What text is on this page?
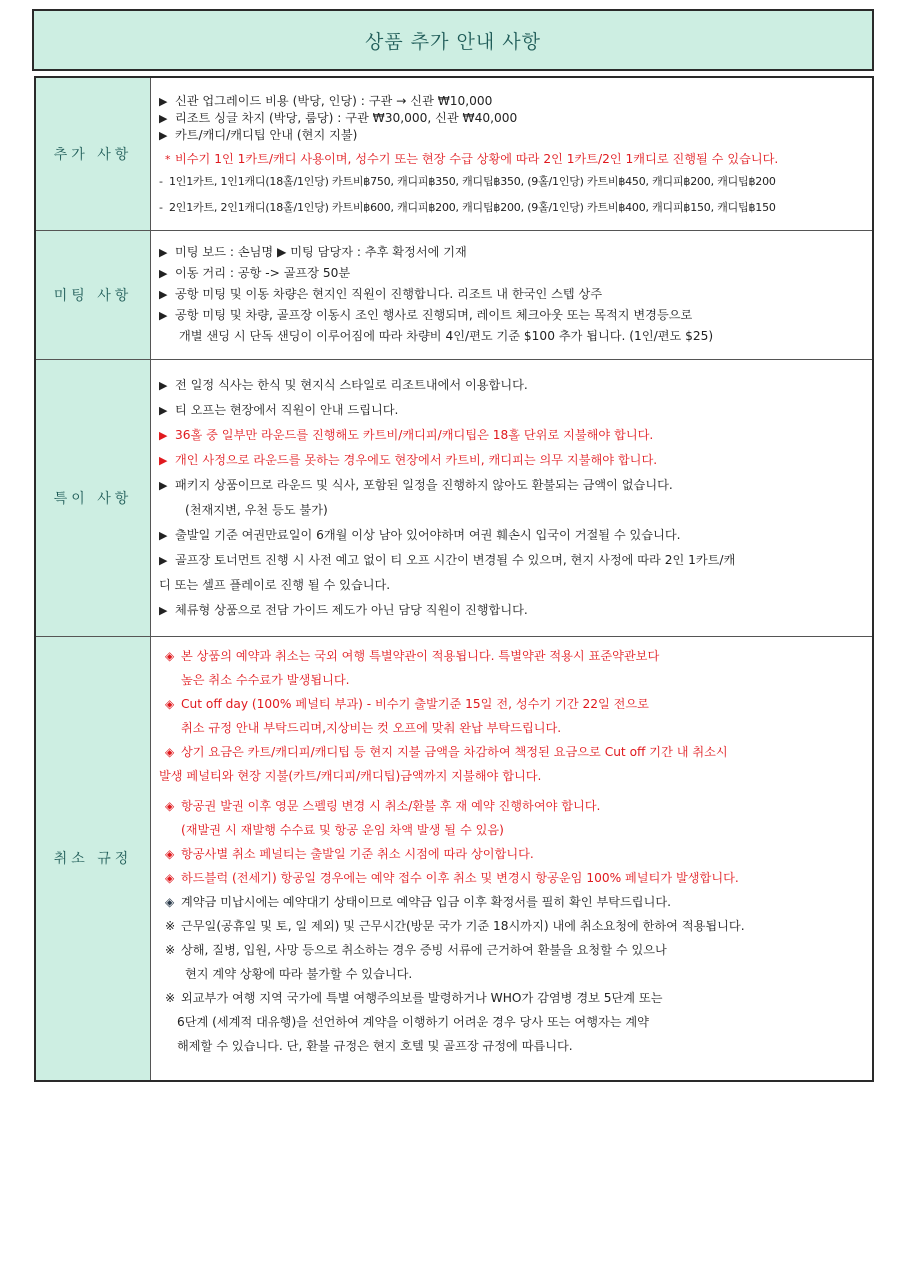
상품 추가 안내 사항
추가 사항	
▶ 신관 업그레이드 비용 (박당, 인당) : 구관 → 신관 ₩10,000
▶ 리조트 싱글 차지 (박당, 룸당) : 구관 ₩30,000, 신관 ₩40,000
▶ 카트/캐디/캐디팁 안내 (현지 지불)
* 비수기 1인 1카트/캐디 사용이며, 성수기 또는 현장 수급 상황에 따라 2인 1카트/2인 1캐디로 진행될 수 있습니다.
- 1인1카트, 1인1캐디(18홀/1인당) 카트비฿750, 캐디피฿350, 캐디팁฿350, (9홀/1인당) 카트비฿450, 캐디피฿200, 캐디팁฿200
- 2인1카트, 2인1캐디(18홀/1인당) 카트비฿600, 캐디피฿200, 캐디팁฿200, (9홀/1인당) 카트비฿400, 캐디피฿150, 캐디팁฿150

미팅 사항	▶ 미팅 보드 : 손님명 ▶ 미팅 담당자 : 추후 확정서에 기재
▶ 이동 거리 : 공항 -> 골프장 50분
▶ 공항 미팅 및 이동 차량은 현지인 직원이 진행합니다. 리조트 내 한국인 스텝 상주
▶ 공항 미팅 및 차량, 골프장 이동시 조인 행사로 진행되며, 레이트 체크아웃 또는 목적지 변경등으로
개별 샌딩 시 단독 샌딩이 이루어짐에 따라 차량비 4인/편도 기준 $100 추가 됩니다. (1인/편도 $25)

특이 사항	
▶ 전 일정 식사는 한식 및 현지식 스타일로 리조트내에서 이용합니다.
▶ 티 오프는 현장에서 직원이 안내 드립니다.
▶ 36홀 중 일부만 라운드를 진행해도 카트비/캐디피/캐디팁은 18홀 단위로 지불해야 합니다.
▶ 개인 사정으로 라운드를 못하는 경우에도 현장에서 카트비, 캐디피는 의무 지불해야 합니다.
▶ 패키지 상품이므로 라운드 및 식사, 포함된 일정을 진행하지 않아도 환불되는 금액이 없습니다.
(천재지변, 우천 등도 불가)
▶ 출발일 기준 여권만료일이 6개월 이상 남아 있어야하며 여권 훼손시 입국이 거절될 수 있습니다.
▶ 골프장 토너먼트 진행 시 사전 예고 없이 티 오프 시간이 변경될 수 있으며, 현지 사정에 따라 2인 1카트/캐
디 또는 셀프 플레이로 진행 될 수 있습니다.
▶ 체류형 상품으로 전담 가이드 제도가 아닌 담당 직원이 진행합니다.

취소 규정	
◈ 본 상품의 예약과 취소는 국외 여행 특별약관이 적용됩니다. 특별약관 적용시 표준약관보다
높은 취소 수수료가 발생됩니다.
◈ Cut off day (100% 페널티 부과) - 비수기 출발기준 15일 전, 성수기 기간 22일 전으로
취소 규정 안내 부탁드리며,지상비는 컷 오프에 맞춰 완납 부탁드립니다.
◈ 상기 요금은 카트/캐디피/캐디팁 등 현지 지불 금액을 차감하여 책정된 요금으로 Cut off 기간 내 취소시
발생 페널티와 현장 지불(카트/캐디피/캐디팁)금액까지 지불해야 합니다.
◈ 항공권 발권 이후 영문 스펠링 변경 시 취소/환불 후 재 예약 진행하여야 합니다.
(재발권 시 재발행 수수료 및 항공 운임 차액 발생 될 수 있음)
◈ 항공사별 취소 페널티는 출발일 기준 취소 시점에 따라 상이합니다.
◈ 하드블럭 (전세기) 항공일 경우에는 예약 접수 이후 취소 및 변경시 항공운임 100% 페널티가 발생합니다.
◈ 계약금 미납시에는 예약대기 상태이므로 예약금 입금 이후 확정서를 필히 확인 부탁드립니다.
※ 근무일(공휴일 및 토, 일 제외) 및 근무시간(방문 국가 기준 18시까지) 내에 취소요청에 한하여 적용됩니다.
※ 상해, 질병, 입원, 사망 등으로 취소하는 경우 증빙 서류에 근거하여 환불을 요청할 수 있으나
현지 계약 상황에 따라 불가할 수 있습니다.
※ 외교부가 여행 지역 국가에 특별 여행주의보를 발령하거나 WHO가 감염병 경보 5단계 또는
6단계 (세계적 대유행)을 선언하여 계약을 이행하기 어려운 경우 당사 또는 여행자는 계약
해제할 수 있습니다. 단, 환불 규정은 현지 호텔 및 골프장 규정에 따릅니다.
